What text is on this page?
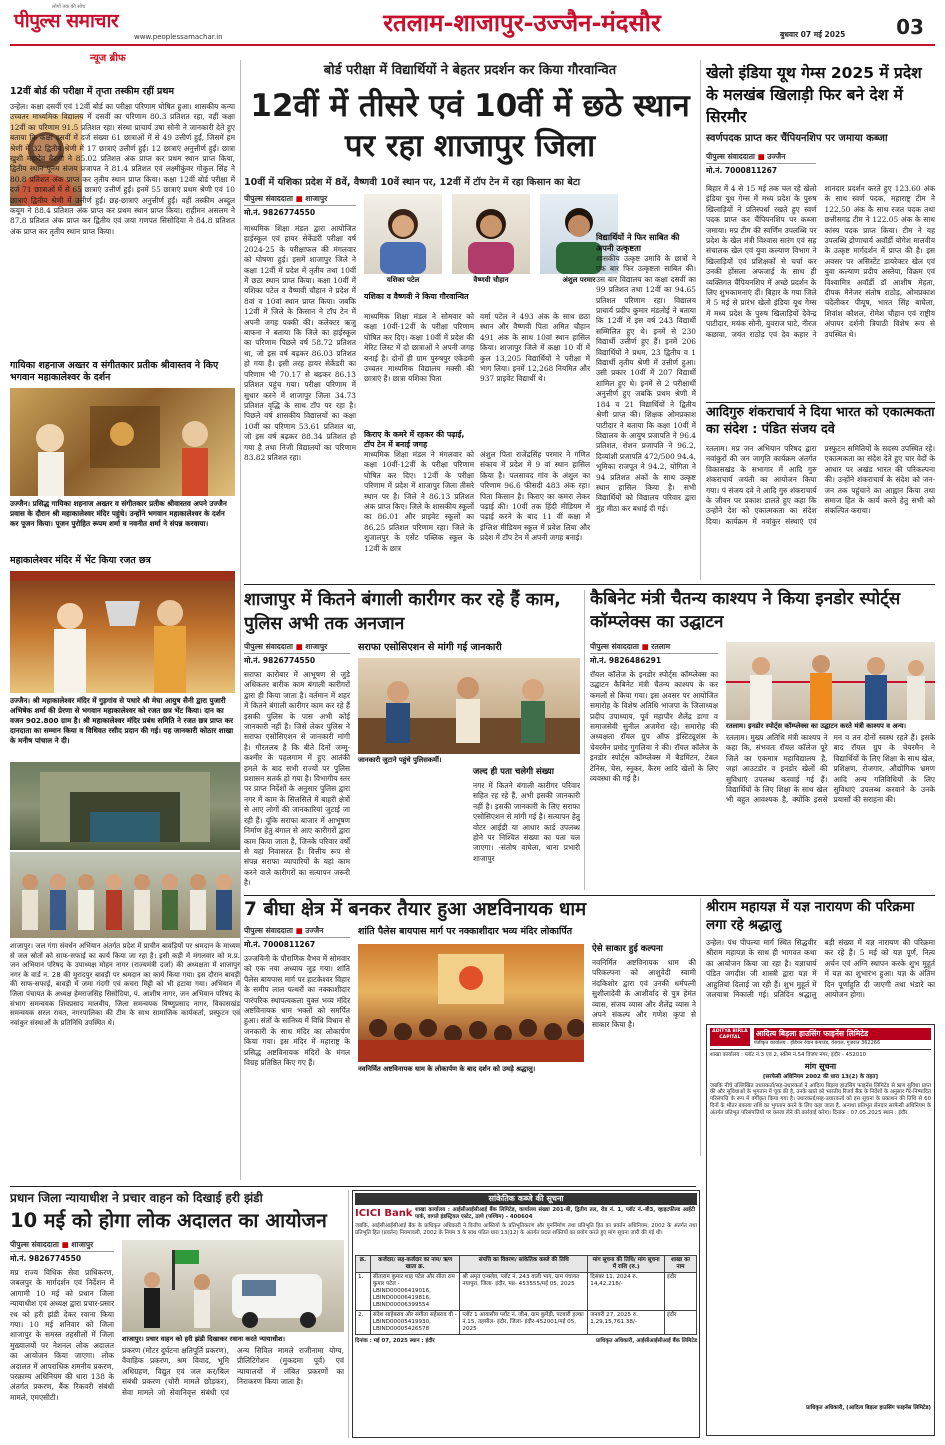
लोगों तक की सोच
पीपुल्स समाचार
www.peoplessamachar.in	रतलाम-शाजापुर-उज्जैन-मंदसौर	बुधवार 07 मई 2025	03
न्यूज ब्रीफ
12वीं बोर्ड की परीक्षा में तृप्ता तस्कीम रहीं प्रथम
उन्हेल। कक्षा दसवीं एवं 12वीं बोर्ड का परीक्षा परिणाम घोषित हुआ। शासकीय कन्या उच्चतर माध्यमिक विद्यालय में दसवीं का परिणाम 80.3 प्रतिशत रहा, वहीं कक्षा 12वीं का परिणाम 91.5 प्रतिशत रहा। संस्था प्राचार्य उषा सोनी ने जानकारी देते हुए बताया कि कक्षा दसवीं में दर्ज संख्या 61 छात्राओं में से 49 उत्तीर्ण हुईं, जिसमें हम श्रेणी में 32 द्वितीय श्रेणी में 17 छात्राएं उत्तीर्ण हुईं। 12 छात्राएं अनुत्तीर्ण हुईं। छात्रा खुशी महादेव बैरागी ने 85.02 प्रतिशत अंक प्राप्त कर प्रथम स्थान प्राप्त किया, द्वितीय स्थान पूनम संजय प्रजापत ने 81.4 प्रतिशत एवं लक्ष्मीकुंवर गोकुल सिंह ने 80.8 प्रतिशत अंक प्राप्त कर तृतीय स्थान प्राप्त किया। कक्षा 12वीं बोर्ड परीक्षा में दर्ज 71 छात्राओं में से 65 छात्राएं उत्तीर्ण हुईं। इनमें 55 छात्राएं प्रथम श्रेणी एवं 10 छात्राएं द्वितीय श्रेणी में उत्तीर्ण हुईं। छह-छात्राएं अनुत्तीर्ण हुईं। वहीं तस्कीम अब्दुल कयूम ने 88.4 प्रतिशत अंक प्राप्त कर प्रथम स्थान प्राप्त किया। राहीमन असलम ने 87.8 प्रतिशत अंक प्राप्त कर द्वितीय एवं जया गणपत सिसोदिया ने 84.8 प्रतिशत अंक प्राप्त कर तृतीय स्थान प्राप्त किया।
गायिका शहनाज अख्तर व संगीतकार प्रतीक श्रीवास्तव ने किए भगवान महाकालेश्वर के दर्शन
उज्जैन। प्रसिद्ध गायिका शहनाज अख्तर व संगीतकार प्रतीक श्रीवास्तव अपने उज्जैन प्रवास के दौरान श्री महाकालेश्वर मंदिर पहुंचे। उन्होंने भगवान महाकालेश्वर के दर्शन कर पूजन किया। पूजन पुरोहित रूपम शर्मा व नवनीत शर्मा ने संपन्न करवाया।
महाकालेश्वर मंदिर में भेंट किया रजत छत्र
उज्जैन। श्री महाकालेश्वर मंदिर में गुड़गांव से पधारे श्री मेघा आयुष सैनी द्वारा पुजारी अभिषेक शर्मा की प्रेरणा से भगवान महाकालेश्वर को रजत छत्र भेंट किया। दान का वजन 902.800 ग्राम है। श्री महाकालेश्वर मंदिर प्रबंध समिति ने रजत छत्र प्राप्त कर दानदाता का सम्मान किया व विधिवत रसीद प्रदान की गई। यह जानकारी कोठार शाखा के मनीष पांचाल ने दी।
बोर्ड परीक्षा में विद्यार्थियों ने बेहतर प्रदर्शन कर किया गौरवान्वित
12वीं में तीसरे एवं 10वीं में छठे स्थान पर रहा शाजापुर जिला
10वीं में यशिका प्रदेश में 8वें, वैष्णवी 10वें स्थान पर, 12वीं में टॉप टेन में रहा किसान का बेटा
पीपुल्स संवाददाता ■ शाजापुर
मो.नं. 9826774550
माध्यमिक शिक्षा मंडल द्वारा आयोजित हाईस्कूल एवं हायर सेकेंडरी परीक्षा वर्ष 2024-25 के परीक्षाफल की मंगलवार को घोषणा हुई। इसमें शाजापुर जिले ने कक्षा 12वीं में प्रदेश में तृतीय तथा 10वीं में छठा स्थान प्राप्त किया। कक्षा 10वीं में यशिका पटेल व वैष्णवी चौहान ने प्रदेश में 8वां व 10वां स्थान प्राप्त किया। जबकि 12वीं में जिले के किसान ने टॉप टेन में अपनी जगह पक्की की। कलेक्टर ऋजु बाफना ने बताया कि जिले का हाईस्कूल का परिणाम पिछले वर्ष 58.72 प्रतिशत था, जो इस वर्ष बढ़कर 86.03 प्रतिशत हो गया है। इसी तरह हायर सेकेंडरी का परिणाम भी 70.17 से बढ़कर 86.13 प्रतिशत पहुंच गया। परीक्षा परिणाम में सुधार करने में शाजापुर जिला 34.73 प्रतिशत वृद्धि के साथ टॉप पर रहा है। पिछले वर्ष शासकीय विद्यालयों का कक्षा 10वीं का परिणाम 53.61 प्रतिशत था, जो इस वर्ष बढ़कर 88.34 प्रतिशत हो गया है तथा निजी विद्यालयों का परिणाम 83.82 प्रतिशत रहा।
यशिका पटेल	वैष्णवी चौहान	अंशुल परमार
यशिका व वैष्णवी ने किया गौरवान्वित
माध्यमिक शिक्षा मंडल ने सोमवार को कक्षा 10वीं-12वीं के परीक्षा परिणाम घोषित कर दिए। कक्षा 10वीं में प्रदेश की मेरिट लिस्ट में दो छात्राओं ने अपनी जगह बनाई है। दोनों ही ग्राम पुरुषपुर एकेडमी उच्चतर माध्यमिक विद्यालय मक्सी की छात्राएं हैं। छात्रा यशिका पिता
किराए के कमरे में रहकर की पढ़ाई, टॉप टेन में बनाई जगह
माध्यमिक शिक्षा मंडल ने मंगलवार को कक्षा 10वीं-12वीं के परीक्षा परिणाम घोषित कर दिए। 12वीं के परीक्षा परिणाम में प्रदेश में शाजापुर जिला तीसरे स्थान पर है। जिले ने 86.13 प्रतिशत अंक प्राप्त किए। जिले के शासकीय स्कूलों का 86.01 और प्राइवेट स्कूलों का 86.25 प्रतिशत परिणाम रहा। जिले के शुजालपुर के एसेंट पब्लिक स्कूल के 12वीं के छात्र
वर्मा पटेल ने 493 अंक के साथ छठा स्थान और वैष्णवी पिता अमित चौहान 491 अंक के साथ 10वां स्थान हासिल किया। शाजापुर जिले में कक्षा 10 वीं में कुल 13,205 विद्यार्थियों ने परीक्षा में भाग लिया। इनमें 12,268 नियमित और 937 प्राइवेट विद्यार्थी थे।
अंशुल पिता राजेंद्रसिंह परमार ने गणित संकाय में प्रदेश में 9 वां स्थान हासिल किया है। पलसावद गांव के अंशुल का परिणाम 96.6 फीसदी 483 अंक रहा। पिता किसान है। किराए का कमरा लेकर पढ़ाई की। 10वीं तक हिंदी मीडियम में पढ़ाई करने के बाद 11 वीं कक्षा में इंग्लिश मीडियम स्कूल में प्रवेश लिया और प्रदेश में टॉप टेन में अपनी जगह बनाई।
विद्यार्थियों ने फिर साबित की अपनी उत्कृष्टता
शासकीय उत्कृष्ट उमावि के छात्रों ने एक बार फिर उत्कृष्टता साबित की। उस बार विद्यालय का कक्षा दसवीं का 99 प्रतिशत तथा 12वीं का 94.65 प्रतिशत परिणाम रहा। विद्यालय प्राचार्य प्रदीप कुमार मंडलोई ने बताया कि 12वीं में इस वर्ष 243 विद्यार्थी सम्मिलित हुए थे। इनमें से 230 विद्यार्थी उत्तीर्ण हुए हैं। इनमें 206 विद्यार्थियों ने प्रथम, 23 द्वितीय व 1 विद्यार्थी तृतीय श्रेणी में उत्तीर्ण हुआ। उसी प्रकार 10वीं में 207 विद्यार्थी शामिल हुए थे। इनमें से 2 परीक्षार्थी अनुत्तीर्ण हुए जबकि प्रथम श्रेणी में 184 व 21 विद्यार्थियों ने द्वितीय श्रेणी प्राप्त की। शिक्षक ओमप्रकाश पाटीदार ने बताया कि कक्षा 10वीं में विद्यालय के आयुष प्रजापति ने 96.4 प्रतिशत, रोशन प्रजापति ने 96.2, दिव्यांशी प्रजापति 472/500 94.4, भूमिका राजपूत ने 94.2, योगिता ने 94 प्रतिशत अंकों के साथ उत्कृष्ट स्थान हासिल किया है। सभी विद्यार्थियों को विद्यालय परिवार द्वारा मुंह मीठा कर बधाई दी गई।
खेलो इंडिया यूथ गेम्स 2025 में प्रदेश के मलखंब खिलाड़ी फिर बने देश में सिरमौर
स्वर्णपदक प्राप्त कर चैंपियनशिप पर जमाया कब्जा
पीपुल्स संवाददाता ■ उज्जैन
मो.नं. 7000811267
बिहार में 4 से 15 मई तक चल रहे खेलो इंडिया यूथ गेम्स में मध्य प्रदेश के पुरुष खिलाड़ियों ने प्रतिस्पर्धा रखते हुए स्वर्ण पदक प्राप्त कर चैंपियनशिप पर कब्जा जमाया। मप्र टीम की स्वर्णिम उपलब्धि पर प्रदेश के खेल मंत्री विश्वास सारंग एवं सह संचालक खेल एवं युवा कल्याण विभाग ने खिलाड़ियों एवं प्रशिक्षकों से चर्चा कर उनकी होंसला अफजाई के साथ ही व्यक्तिगत चैंपियनशिप में अच्छे प्रदर्शन के लिए शुभकामनाएं दीं। बिहार के गया जिले में 5 मई से प्रारंभ खेलो इंडिया यूथ गेम्स में मध्य प्रदेश के पुरुष खिलाड़ियों देवेन्द्र पाटीदार, मयंक सोनी, युवराज घाटे, नीरज कछावा, जयंत राठोड़ एवं देव कहार ने शानदार प्रदर्शन करते हुए 123.60 अंक के साथ स्वर्ण पदक, महाराष्ट्र टीम ने 122.50 अंक के साथ रजत पदक तथा छत्तीसगढ़ टीम ने 122.05 अंक के साथ कांस्य पदक प्राप्त किया। टीम ने यह उपलब्धि द्रोणाचार्य अवॉर्डी योगेश मालवीय के उत्कृष्ट मार्गदर्शन में प्राप्त की है। इस अवसर पर असिस्टेंट डायरेक्टर खेल एवं युवा कल्याण प्रदीप अस्तेया, विक्रम एवं विश्वामित्र अवॉर्डी डॉ आशीष मेहता, दीपक मैनेजर संतोष राठोड़, ओमप्रकाश चंदेलीकर पीयूष, भारत सिंह बाघेला, शिवांश कौशल, रोमेश चौहान एवं राष्ट्रीय अंपायर दर्शनी त्रिपाठी विशेष रूप से उपस्थित थे।
आदिगुरु शंकराचार्य ने दिया भारत को एकात्मकता का संदेश : पंडित संजय दवे
रतलाम। मप्र जन अभियान परिषद द्वारा नवांकुरों की जन जागृति कार्यक्रम अंतर्गत विकासखंड के सभागार में आदि गुरु शंकराचार्य जयंती का आयोजन किया गया। पं संजय दवे ने आदि गुरु शंकराचार्य के जीवन पर प्रकाश डालते हुए कहा कि उन्होंने देश को एकात्मकता का संदेश दिया। कार्यक्रम में नवांकुर संस्थाएं एवं प्रस्फुटन समितियों के सदस्य उपस्थित रहे। एकात्मकता का संदेश देते हुए चार वेदों के आधार पर अखंड भारत की परिकल्पना की। उन्होंने शंकराचार्य के संदेश को जन-जन तक पहुंचाने का आह्वान किया तथा समाज हित के कार्य करने हेतु सभी को संकल्पित कराया।
शाजापुर में कितने बंगाली कारीगर कर रहे हैं काम, पुलिस अभी तक अनजान
पीपुल्स संवाददाता ■ शाजापुर
मो.नं. 9826774550
सराफा कारोबार में आभूषण से जुड़े अधिकतर बारीक काम बंगाली कारीगरों द्वारा ही किया जाता है। वर्तमान में शहर में कितने बंगाली कारीगर काम कर रहे हैं इसकी पुलिस के पास अभी कोई जानकारी नहीं है। जिसे लेकर पुलिस ने सराफा एसोसिएशन से जानकारी मांगी है। गौरतलब है कि बीते दिनों जम्मू-कश्मीर के पहलगाम में हुए आतंकी हमले के बाद सभी राज्यों पर पुलिस प्रशासन सतर्क हो गया है। विभागीय स्तर पर प्राप्त निर्देशों के अनुसार पुलिस द्वारा नगर में काम के सिलसिले में बाहरी क्षेत्रों से आए लोगों की जानकारियां जुटाई जा रही हैं। चूंकि सराफा बाजार में आभूषण निर्माण हेतु बंगाल से आए कारीगरों द्वारा काम किया जाता है, जिनके परिवार वर्षों से यहां निवासरत हैं। वित्तीय रूप से संपन्न सराफा व्यापारियों के यहां काम करने वाले कारीगरों का सत्यापन जरूरी है।
सराफा एसोसिएशन से मांगी गई जानकारी
जानकारी जुटाने पहुंचे पुलिसकर्मी।
जल्द ही पता चलेगी संख्या
नगर में कितने बंगाली कारीगर परिवार सहित रह रहे हैं, अभी इसकी जानकारी नहीं है। इसकी जानकारी के लिए सराफा एसोसिएशन से मांगी गई है। सत्यापन हेतु वोटर आईडी या आधार कार्ड उपलब्ध होने पर निश्चित संख्या का पता चल जाएगा। -संतोष वाघेला, थाना प्रभारी शाजापुर
कैबिनेट मंत्री चैतन्य काश्यप ने किया इनडोर स्पोर्ट्स कॉम्प्लेक्स का उद्घाटन
पीपुल्स संवाददाता ■ रतलाम
मो.नं. 9826486291
रॉयल कॉलेज के इनडोर स्पोर्ट्स कॉम्प्लेक्स का उद्घाटन कैबिनेट मंत्री चैतन्य काश्यप के कर कमलों से किया गया। इस अवसर पर आयोजित समारोह के विशेष अतिथि भाजपा के जिलाध्यक्ष प्रदीप उपाध्याय, पूर्व महापौर शैलेंद्र डागा व समाजसेवी सुनील अजमेरा रहे। समारोह की अध्यक्षता रॉयल ग्रुप ऑफ इंस्टिट्यूशंस के चेयरमैन प्रमोद गुगलिया ने की। रॉयल कॉलेज के इनडोर स्पोर्ट्स कॉम्प्लेक्स में बैडमिंटन, टेबल टेनिस, चेस, स्नूकर, कैरम आदि खेलों के लिए व्यवस्था की गई है।
रतलाम। इनडोर स्पोर्ट्स कॉम्प्लेक्स का उद्घाटन करते मंत्री काश्यप व अन्य।
रतलाम। मुख्य अतिथि मंत्री काश्यप ने कहा कि, संभवतः रॉयल कॉलेज पूरे जिले का एकमात्र महाविद्यालय है, जहां आउटडोर व इनडोर खेलों की सुविधाएं उपलब्ध करवाई गई हैं। विद्यार्थियों के लिए शिक्षा के साथ खेल भी बहुत आवश्यक है, क्योंकि इससे मन व तन दोनों स्वस्थ रहते हैं। इसके बाद रॉयल ग्रुप के चेयरमैन ने विद्यार्थियों के लिए शिक्षा के साथ खेल, प्रशिक्षण, रोजगार, औद्योगिक भ्रमण आदि अन्य गतिविधियों के लिए सुविधाएं उपलब्ध करवाने के उनके प्रयासों की सराहना की।
7 बीघा क्षेत्र में बनकर तैयार हुआ अष्टविनायक धाम
पीपुल्स संवाददाता ■ उज्जैन
मो.नं. 7000811267
उज्जयिनी के पौराणिक वैभव में सोमवार को एक नया अध्याय जुड़ गया। शांति पैलेस बायपास मार्ग पर हाटकेश्वर विहार के समीप लाल पत्थरों का नक्काशीदार पारंपरिक स्थापत्यकला युक्त भव्य मंदिर अष्टविनायक धाम भक्तों को समर्पित हुआ। संतों के सानिध्य में विधि विधान से जनकारी के साथ मंदिर का लोकार्पण किया गया। इस मंदिर में महाराष्ट्र के प्रसिद्ध अष्टविनायक मंदिरों के मंगल विग्रह प्रतिष्ठित किए गए हैं।
शांति पैलेस बायपास मार्ग पर नक्काशीदार भव्य मंदिर लोकार्पित
नवनिर्मित अष्टविनायक धाम के लोकार्पण के बाद दर्शन को उमड़े श्रद्धालु।
ऐसे साकार हुई कल्पना
नवनिर्मित अष्टविनायक धाम की परिकल्पना को आशुवेदी स्वामी नंदकिशोर द्वारा एवं उनकी धर्मपत्नी सुशीलादेवी के आशीर्वाद से पुत्र हेमंत व्यास, संजय व्यास और शैलेंद्र व्यास ने अपने संकल्प और गणेश कृपा से साकार किया है।
श्रीराम महायज्ञ में यज्ञ नारायण की परिक्रमा लगा रहे श्रद्धालु
उन्हेल। पंथ पीपल्या मार्ग स्थित सिद्धवीर श्रीराम महायज्ञ के साथ ही भागवत कथा का आयोजन किया जा रहा है। यज्ञाचार्य पंडित जगदीश जी शास्त्री द्वारा यज्ञ में आहुतियां दिलाई जा रही हैं। शुभ मुहूर्त में जलयात्रा निकाली गई। प्रतिदिन श्रद्धालु बड़ी संख्या में यज्ञ नारायण की परिक्रमा कर रहे हैं। 5 मई को यज्ञ पूर्ण, नित्य अर्चन एवं अग्नि स्थापन करके शुभ मुहूर्त में यज्ञ का शुभारंभ हुआ। यज्ञ के अंतिम दिन पूर्णाहुति दी जाएगी तथा भंडारे का आयोजन होगा।
ADITYA BIRLA CAPITAL	आदित्य बिड़ला हाउसिंग फाइनेंस लिमिटेड
पंजीकृत कार्यालय : इंडियन रेयान कंपाउंड, वेरावल, गुजरात 362266
शाखा कार्यालय : प्लॉट नं.3 एवं 2, स्कीम नं.54 विजय नगर, इंदौर - 452010
मांग सूचना
[सरफेसी अधिनियम 2002 की धारा 13(2) के तहत]
जबकि नीचे उल्लिखित उधारकर्ता/सह-उधारकर्ता ने आदित्य बिड़ला हाउसिंग फाइनेंस लिमिटेड से ऋण सुविधा प्राप्त की और सुविधाओं के भुगतान में चूक की है, उनके खाते को भारतीय रिजर्व बैंक के निर्देशों के अनुसार गैर-निष्पादित परिसंपत्ति के रूप में वर्गीकृत किया गया है। उधारकर्ता/सह-उधारकर्ता को इस सूचना के प्रकाशन की तिथि से 60 दिनों के भीतर बकाया राशि का भुगतान करने के लिए कहा जाता है, अन्यथा प्रतिभूत लेनदार सरफेसी अधिनियम के अंतर्गत प्रतिभूत परिसंपत्तियों पर कब्जा लेने की कार्रवाई करेगा। दिनांक : 07.05.2025 स्थान : इंदौर
प्राधिकृत अधिकारी, (आदित्य बिड़ला हाउसिंग फाइनेंस लिमिटेड)
शाजापुर। जल गंगा संवर्धन अभियान अंतर्गत प्रदेश में प्राचीन बावड़ियों पर श्रमदान के माध्यम से जल स्रोतों को साफ-सफाई का कार्य किया जा रहा है। इसी कड़ी में मंगलवार को म.प्र. जन अभियान परिषद के उपाध्यक्ष मोहन नागर (राज्यमंत्री दर्जा) की अध्यक्षता में शाजापुर नगर के वार्ड न. 28 की मुरादपुर बावड़ी पर श्रमदान का कार्य किया गया। इस दौरान बावड़ी की साफ-सफाई, बावड़ी में जमा गंदगी एवं कचरा मिट्टी को भी हटाया गया। अभियान में जिला पंचायत के अध्यक्ष हेमराजसिंह सिसोदिया, पं. आशीष नागर, जन अभियान परिषद के संभाग समन्वयक शिवप्रसाद मालवीय, जिला समन्वयक विष्णुप्रसाद नागर, विकासखंड समन्वयक सरल रावत, नगरपालिका की टीम के साथ सामाजिक कार्यकर्ता, प्रस्फुटन एवं नवांकुर संस्थाओं के प्रतिनिधि उपस्थित थे।
प्रधान जिला न्यायाधीश ने प्रचार वाहन को दिखाई हरी झंडी
10 मई को होगा लोक अदालत का आयोजन
पीपुल्स संवाददाता ■ शाजापुर
मो.नं. 9826774550
मप्र राज्य विधिक सेवा प्राधिकरण, जबलपुर के मार्गदर्शन एवं निर्देशन में आगामी 10 मई को प्रधान जिला न्यायाधीश एवं अध्यक्ष द्वारा प्रचार-प्रसार रथ को हरी झंडी देकर रवाना किया गया। 10 मई शनिवार को जिला शाजापुर के समस्त तहसीलों में जिला मुख्यालयों पर नेशनल लोक अदालत का आयोजन किया जाएगा। लोक अदालत में आपराधिक शमनीय प्रकरण, परक्राम्य अधिनियम की धारा 138 के अंतर्गत प्रकरण, बैंक रिकवरी संबंधी मामले, एमएसीटी।
शाजापुर। प्रचार वाहन को हरी झंडी दिखाकर रवाना करते न्यायाधीश।
प्रकरण (मोटर दुर्घटना क्षतिपूर्ति प्रकरण), वैवाहिक प्रकरण, श्रम विवाद, भूमि अधिग्रहण, विद्युत एवं जल कर/बिल संबंधी प्रकरण (चोरी मामले छोड़कर), सेवा मामले जो सेवानिवृत्त संबंधी एवं अन्य सिविल मामले राजीनामा योग्य, प्रीलिटिगेशन (मुकदमा पूर्व) एवं न्यायालयों में लंबित प्रकरणों का निराकरण किया जाता है।
सांकेतिक कब्जे की सूचना
ICICI Bank शाखा कार्यालय : आईसीआईसीआई बैंक लिमिटेड, कार्यालय संख्या 201-बी, द्वितीय तल, रोड नं. 1, प्लॉट नं.-बी3, व्हाइटफील्ड आईटी पार्क, वागले इंडस्ट्रियल एस्टेट, ठाणे (पश्चिम) - 400604
जबकि, आईसीआईसीआई बैंक के प्राधिकृत अधिकारी ने वित्तीय आस्तियों के प्रतिभूतिकरण और पुनर्निर्माण तथा प्रतिभूति हित का प्रवर्तन अधिनियम, 2002 के अंतर्गत तथा प्रतिभूति हित (प्रवर्तन) नियमावली, 2002 के नियम 3 के साथ पठित धारा 13(12) के अंतर्गत प्रदत्त शक्तियों का प्रयोग करते हुए मांग सूचना जारी की गई थी।
क्र.	कर्जदार/ सह-कर्जदार का नाम/ ऋण खाता क्र.	संपत्ति का विवरण/ सांकेतिक कब्जे की तिथि	मांग सूचना की तिथि/ मांग सूचना में राशि (रु.)	शाखा का नाम
1.	सीताराम कुमार शाह पटेल और सीता राम कुमार पटेल - LBIND00006419016, LBIND00006419816, LBIND00006399554	श्री अमृत एन्क्लेव, प्लॉट नं. 243 वाली भाग, ग्राम पंचायत नयापुरा, जिला- इंदौर, मप्र- 453555/मई 05, 2025	दिसंबर 11, 2024 रु. 14,42,218/-	इंदौर
2.	संदेश साहेबराव और संगीता सहेबराव वी - LBIND00005419930, LBIND00005426578	प्लॉट 1 आवासीय प्लॉट नं. जी4, ग्राम कुमेड़ी, पटवारी हल्का नं.15, तहसील- इंदौर, जिला- इंदौर-452001/मई 05, 2025	जनवरी 27, 2025 रु. 1,29,15,761.38/-	इंदौर
दिनांक : मई 07, 2025 स्थान : इंदौर	प्राधिकृत अधिकारी, आईसीआईसीआई बैंक लिमिटेड
